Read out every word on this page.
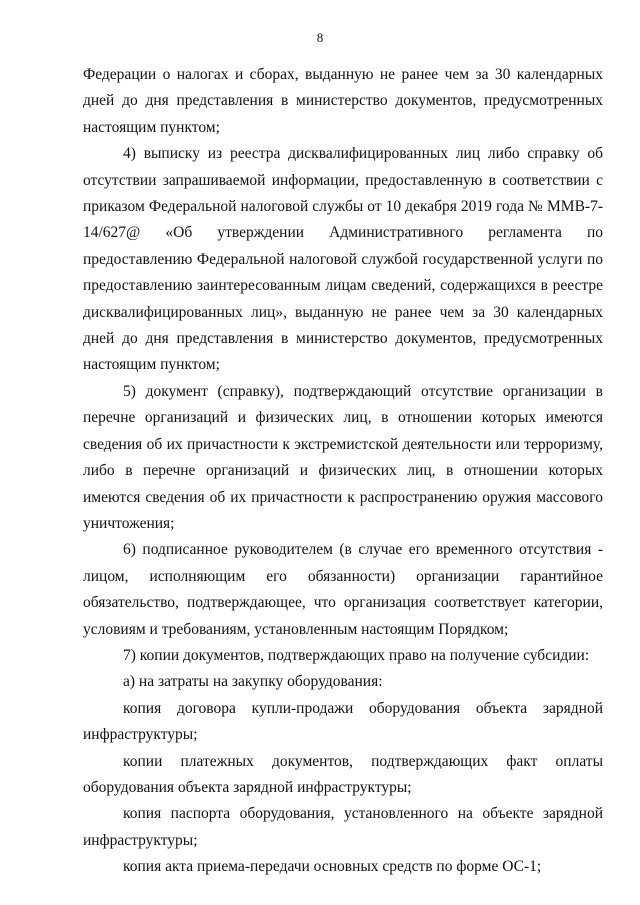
8

Федерации о налогах и сборах, выданную не ранее чем за 30 календарных дней до дня представления в министерство документов, предусмотренных настоящим пунктом;

4) выписку из реестра дисквалифицированных лиц либо справку об отсутствии запрашиваемой информации, предоставленную в соответствии с приказом Федеральной налоговой службы от 10 декабря 2019 года № ММВ-7-14/627@ «Об утверждении Административного регламента по предоставлению Федеральной налоговой службой государственной услуги по предоставлению заинтересованным лицам сведений, содержащихся в реестре дисквалифицированных лиц», выданную не ранее чем за 30 календарных дней до дня представления в министерство документов, предусмотренных настоящим пунктом;

5) документ (справку), подтверждающий отсутствие организации в перечне организаций и физических лиц, в отношении которых имеются сведения об их причастности к экстремистской деятельности или терроризму, либо в перечне организаций и физических лиц, в отношении которых имеются сведения об их причастности к распространению оружия массового уничтожения;

6) подписанное руководителем (в случае его временного отсутствия - лицом, исполняющим его обязанности) организации гарантийное обязательство, подтверждающее, что организация соответствует категории, условиям и требованиям, установленным настоящим Порядком;

7) копии документов, подтверждающих право на получение субсидии:

а) на затраты на закупку оборудования:

копия договора купли-продажи оборудования объекта зарядной инфраструктуры;

копии платежных документов, подтверждающих факт оплаты оборудования объекта зарядной инфраструктуры;

копия паспорта оборудования, установленного на объекте зарядной инфраструктуры;

копия акта приема-передачи основных средств по форме ОС-1;
